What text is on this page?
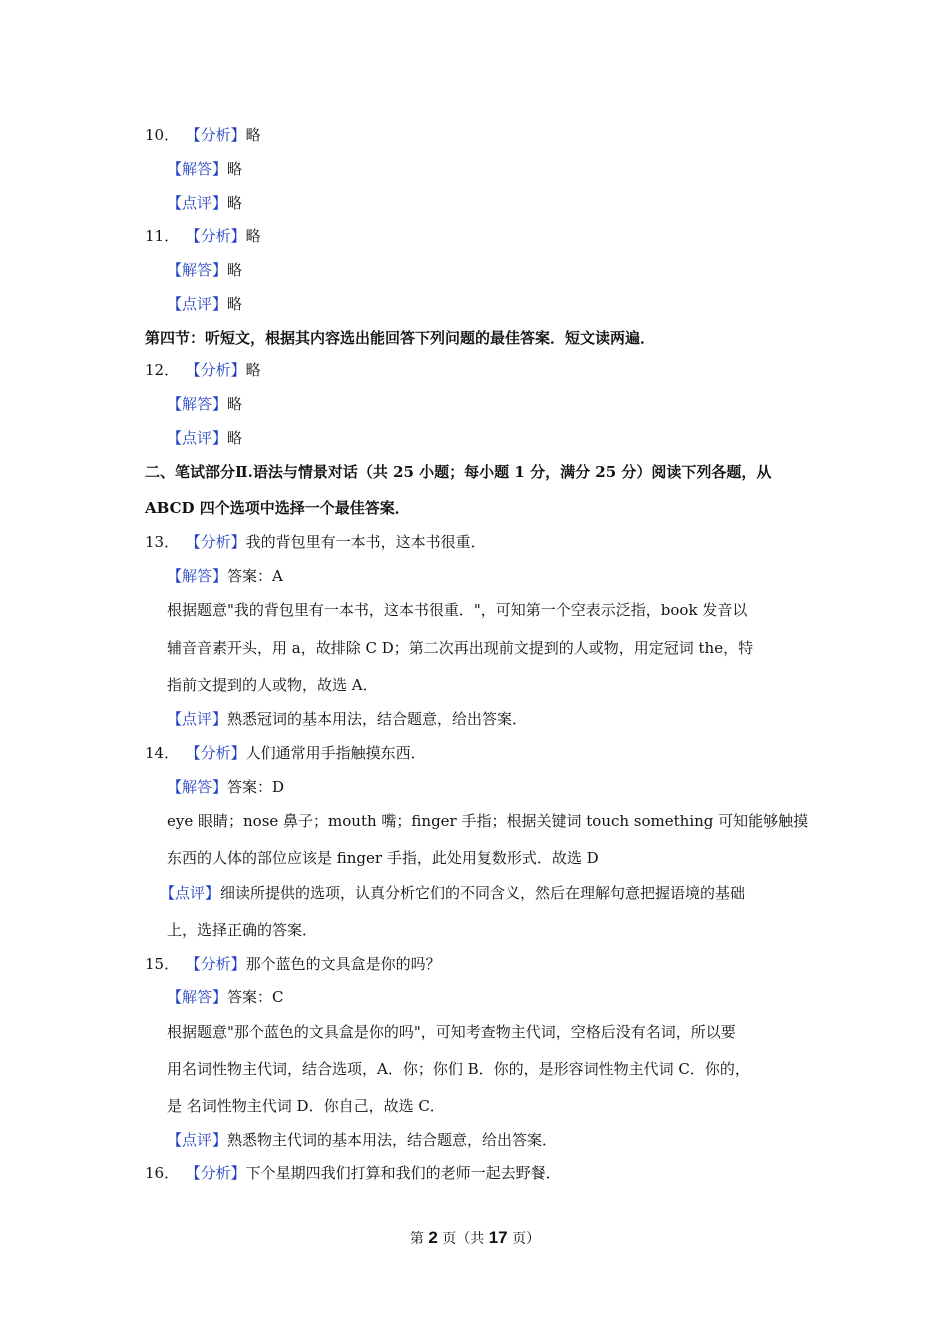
10． 【分析】略
【解答】略
【点评】略
11． 【分析】略
【解答】略
【点评】略
第四节：听短文，根据其内容选出能回答下列问题的最佳答案．短文读两遍．
12． 【分析】略
【解答】略
【点评】略
二、笔试部分Ⅱ.语法与情景对话（共 25 小题；每小题 1 分，满分 25 分）阅读下列各题，从
ABCD 四个选项中选择一个最佳答案．
13． 【分析】我的背包里有一本书，这本书很重．
【解答】答案：A
根据题意"我的背包里有一本书，这本书很重．"，可知第一个空表示泛指，book 发音以
辅音音素开头，用 a，故排除 C D；第二次再出现前文提到的人或物，用定冠词 the，特
指前文提到的人或物，故选 A．
【点评】熟悉冠词的基本用法，结合题意，给出答案．
14． 【分析】人们通常用手指触摸东西．
【解答】答案：D
eye 眼睛；nose 鼻子；mouth 嘴；finger 手指；根据关键词 touch something 可知能够触摸
东西的人体的部位应该是 finger 手指，此处用复数形式．故选 D
【点评】细读所提供的选项，认真分析它们的不同含义，然后在理解句意把握语境的基础
上，选择正确的答案．
15． 【分析】那个蓝色的文具盒是你的吗？
【解答】答案：C
根据题意"那个蓝色的文具盒是你的吗"，可知考查物主代词，空格后没有名词，所以要
用名词性物主代词，结合选项，A．你；你们 B．你的，是形容词性物主代词 C．你的，
是 名词性物主代词 D．你自己，故选 C．
【点评】熟悉物主代词的基本用法，结合题意，给出答案．
16． 【分析】下个星期四我们打算和我们的老师一起去野餐．
第 2 页（共 17 页）
